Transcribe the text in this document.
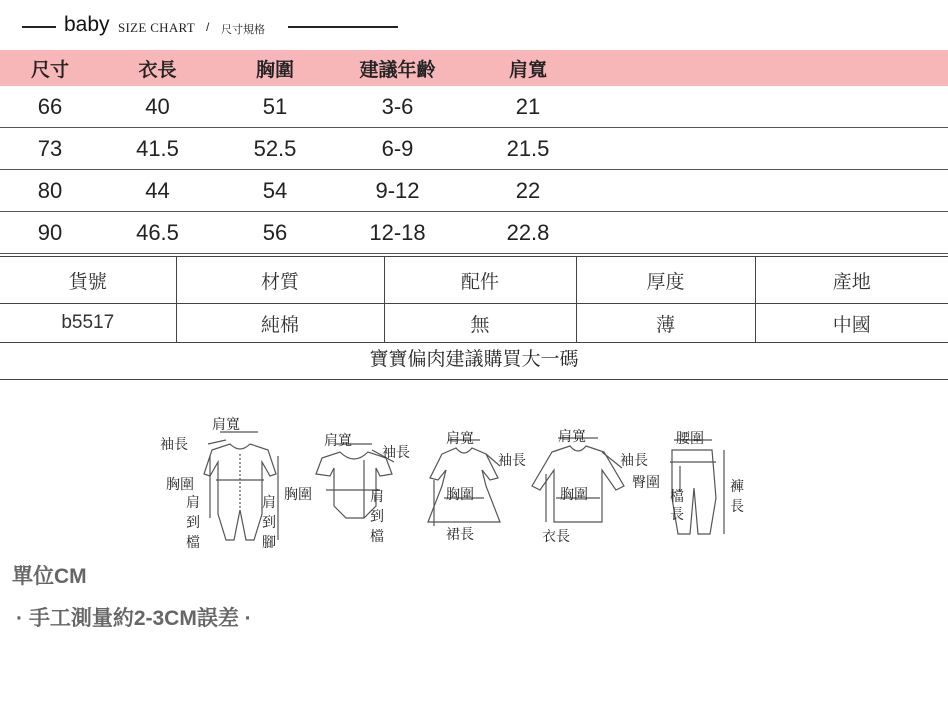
baby SIZE CHART / 尺寸規格
尺寸	衣長	胸圍	建議年齡	肩寬	
66	40	51	3-6	21	
73	41.5	52.5	6-9	21.5	
80	44	54	9-12	22	
90	46.5	56	12-18	22.8	
貨號	材質	配件	厚度	產地
b5517	純棉	無	薄	中國
寶寶偏肉建議購買大一碼
肩寬
袖長
胸圍
肩
到
檔
肩
到
腳
肩寬
袖長
胸圍	肩
到
檔
肩寬
袖長
胸圍
裙長
肩寬
袖長
胸圍
衣長
腰圍
臀圍
檔
長
褲
長
單位CM
· 手工測量約2-3CM誤差 ·
